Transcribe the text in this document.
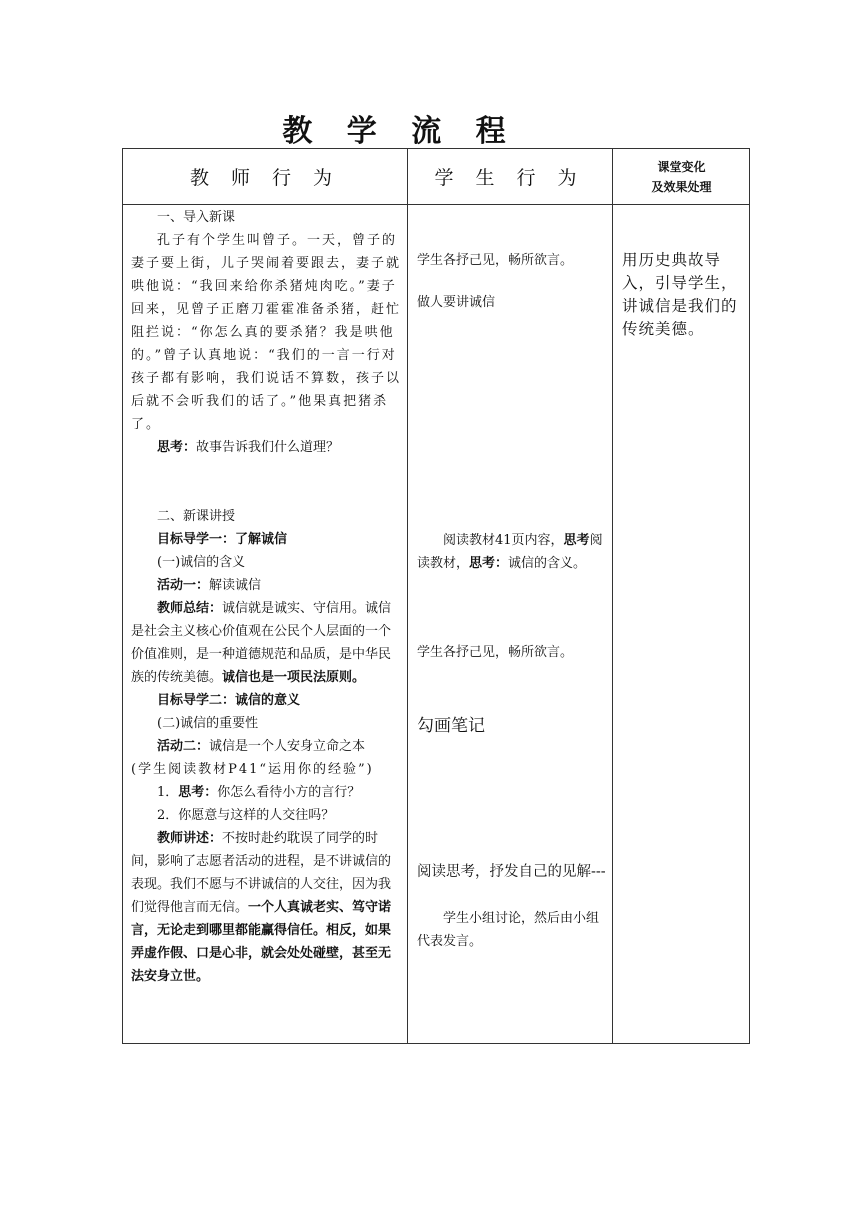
教 学 流 程
教 师 行 为	学 生 行 为
课堂变化
及效果处理

一、导入新课

孔子有个学生叫曾子。一天，曾子的妻子要上街，儿子哭闹着要跟去，妻子就哄他说：“我回来给你杀猪炖肉吃。”妻子回来，见曾子正磨刀霍霍准备杀猪，赶忙阻拦说：“你怎么真的要杀猪？我是哄他的。”曾子认真地说：“我们的一言一行对孩子都有影响，我们说话不算数，孩子以后就不会听我们的话了。”他果真把猪杀了。

思考：故事告诉我们什么道理？

二、新课讲授

目标导学一：了解诚信

(一)诚信的含义

活动一：解读诚信

教师总结：诚信就是诚实、守信用。诚信是社会主义核心价值观在公民个人层面的一个价值准则，是一种道德规范和品质，是中华民族的传统美德。诚信也是一项民法原则。

目标导学二：诚信的意义

(二)诚信的重要性

活动二：诚信是一个人安身立命之本

(学生阅读教材P41“运用你的经验”)

1．思考：你怎么看待小方的言行？

2．你愿意与这样的人交往吗？

教师讲述：不按时赴约耽误了同学的时间，影响了志愿者活动的进程，是不讲诚信的表现。我们不愿与不讲诚信的人交往，因为我们觉得他言而无信。一个人真诚老实、笃守诺言，无论走到哪里都能赢得信任。相反，如果弄虚作假、口是心非，就会处处碰壁，甚至无法安身立世。

学生各抒己见，畅所欲言。
做人要讲诚信
阅读教材41页内容，思考阅读教材，思考：诚信的含义。
学生各抒己见，畅所欲言。
勾画笔记
阅读思考，抒发自己的见解---
学生小组讨论，然后由小组代表发言。
用历史典故导入，引导学生，讲诚信是我们的传统美德。
